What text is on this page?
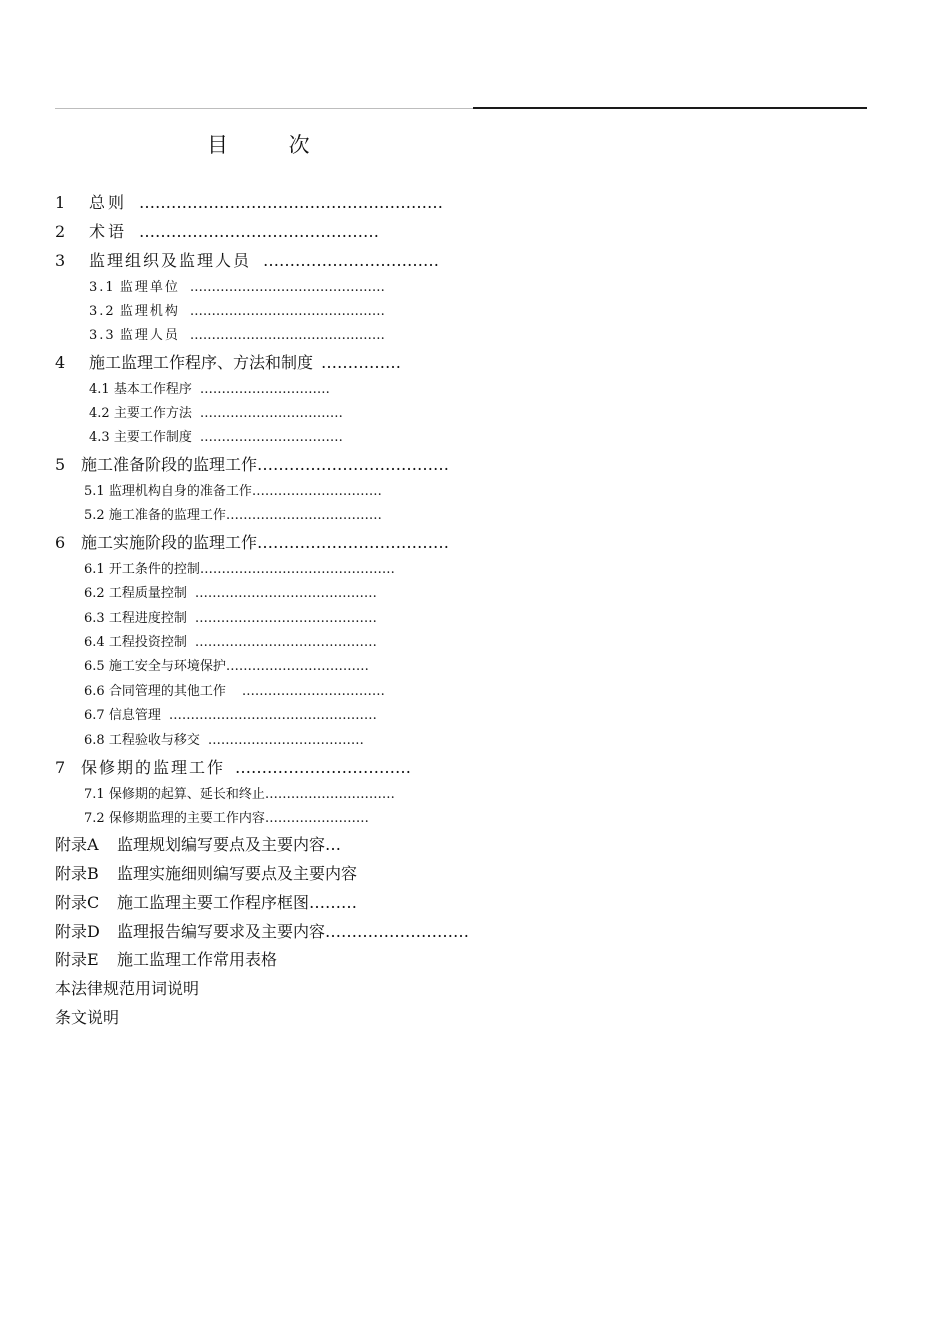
目 次
1 总则 …………………………………………………
2 术语 ………………………………………
3 监理组织及监理人员 ……………………………
3.1 监理单位 ………………………………………
3.2 监理机构 ………………………………………
3.3 监理人员 ………………………………………
4 施工监理工作程序、方法和制度 ……………
4.1 基本工作程序 …………………………
4.2 主要工作方法 ……………………………
4.3 主要工作制度 ……………………………
5 施工准备阶段的监理工作………………………………
5.1 监理机构自身的准备工作…………………………
5.2 施工准备的监理工作………………………………
6 施工实施阶段的监理工作………………………………
6.1 开工条件的控制………………………………………
6.2 工程质量控制 ……………………………………
6.3 工程进度控制 ……………………………………
6.4 工程投资控制 ……………………………………
6.5 施工安全与环境保护……………………………
6.6 合同管理的其他工作 ……………………………
6.7 信息管理 …………………………………………
6.8 工程验收与移交 ………………………………
7 保修期的监理工作 ……………………………
7.1 保修期的起算、延长和终止…………………………
7.2 保修期监理的主要工作内容……………………
附录A 监理规划编写要点及主要内容…
附录B 监理实施细则编写要点及主要内容
附录C 施工监理主要工作程序框图………
附录D 监理报告编写要求及主要内容………………………
附录E 施工监理工作常用表格
本法律规范用词说明
条文说明
